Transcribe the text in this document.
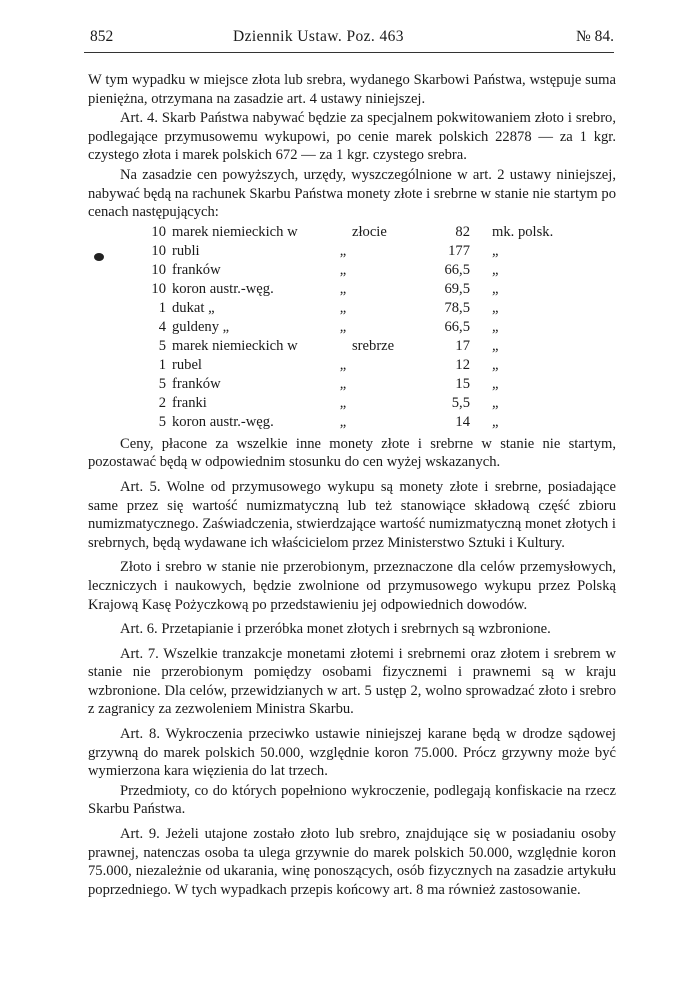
852	Dziennik Ustaw. Poz. 463	№ 84.

W tym wypadku w miejsce złota lub srebra, wydanego Skarbowi Państwa, wstępuje suma pieniężna, otrzymana na zasadzie art. 4 ustawy niniejszej.

Art. 4. Skarb Państwa nabywać będzie za specjalnem pokwitowaniem złoto i srebro, podlegające przymusowemu wykupowi, po cenie marek polskich 22878 — za 1 kgr. czystego złota i marek polskich 672 — za 1 kgr. czystego srebra.

Na zasadzie cen powyższych, urzędy, wyszczególnione w art. 2 ustawy niniejszej, nabywać będą na rachunek Skarbu Państwa monety złote i srebrne w stanie nie startym po cenach następujących:

10	marek niemieckich w		złocie	82	mk. polsk.
10	rubli	„		177	„
10	franków	„		66,5	„
10	koron austr.-węg.	„		69,5	„
1	dukat „	„		78,5	„
4	guldeny „	„		66,5	„
5	marek niemieckich w		srebrze	17	„
1	rubel	„		12	„
5	franków	„		15	„
2	franki	„		5,5	„
5	koron austr.-węg.	„		14	„

Ceny, płacone za wszelkie inne monety złote i srebrne w stanie nie startym, pozostawać będą w odpowiednim stosunku do cen wyżej wskazanych.

Art. 5. Wolne od przymusowego wykupu są monety złote i srebrne, posiadające same przez się wartość numizmatyczną lub też stanowiące składową część zbioru numizmatycznego. Zaświadczenia, stwierdzające wartość numizmatyczną monet złotych i srebrnych, będą wydawane ich właścicielom przez Ministerstwo Sztuki i Kultury.

Złoto i srebro w stanie nie przerobionym, przeznaczone dla celów przemysłowych, leczniczych i naukowych, będzie zwolnione od przymusowego wykupu przez Polską Krajową Kasę Pożyczkową po przedstawieniu jej odpowiednich dowodów.

Art. 6. Przetapianie i przeróbka monet złotych i srebrnych są wzbronione.

Art. 7. Wszelkie tranzakcje monetami złotemi i srebrnemi oraz złotem i srebrem w stanie nie przerobionym pomiędzy osobami fizycznemi i prawnemi są w kraju wzbronione. Dla celów, przewidzianych w art. 5 ustęp 2, wolno sprowadzać złoto i srebro z zagranicy za zezwoleniem Ministra Skarbu.

Art. 8. Wykroczenia przeciwko ustawie niniejszej karane będą w drodze sądowej grzywną do marek polskich 50.000, względnie koron 75.000. Prócz grzywny może być wymierzona kara więzienia do lat trzech.

Przedmioty, co do których popełniono wykroczenie, podlegają konfiskacie na rzecz Skarbu Państwa.

Art. 9. Jeżeli utajone zostało złoto lub srebro, znajdujące się w posiadaniu osoby prawnej, natenczas osoba ta ulega grzywnie do marek polskich 50.000, względnie koron 75.000, niezależnie od ukarania, winę ponoszących, osób fizycznych na zasadzie artykułu poprzedniego. W tych wypadkach przepis końcowy art. 8 ma również zastosowanie.
